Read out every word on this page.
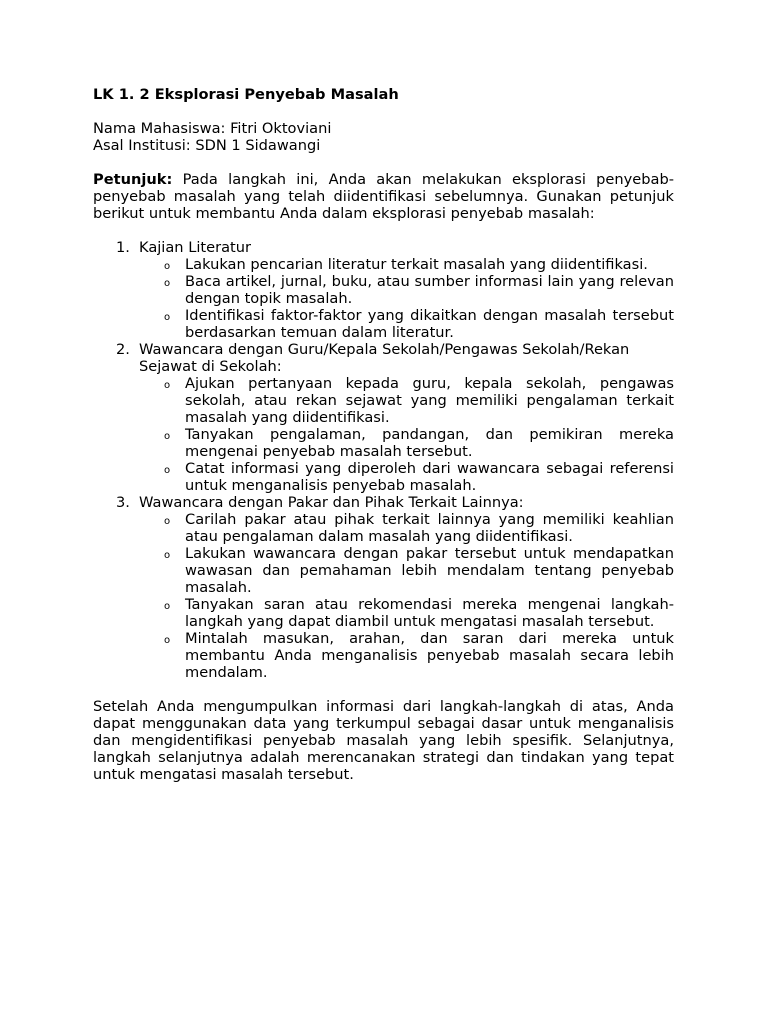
LK 1. 2 Eksplorasi Penyebab Masalah

Nama Mahasiswa: Fitri Oktoviani

Asal Institusi: SDN 1 Sidawangi

Petunjuk: Pada langkah ini, Anda akan melakukan eksplorasi penyebab-penyebab masalah yang telah diidentifikasi sebelumnya. Gunakan petunjuk berikut untuk membantu Anda dalam eksplorasi penyebab masalah:

1. Kajian Literatur
o Lakukan pencarian literatur terkait masalah yang diidentifikasi.
o Baca artikel, jurnal, buku, atau sumber informasi lain yang relevan dengan topik masalah.
o Identifikasi faktor-faktor yang dikaitkan dengan masalah tersebut berdasarkan temuan dalam literatur.
2. Wawancara dengan Guru/Kepala Sekolah/Pengawas Sekolah/Rekan Sejawat di Sekolah:
o Ajukan pertanyaan kepada guru, kepala sekolah, pengawas sekolah, atau rekan sejawat yang memiliki pengalaman terkait masalah yang diidentifikasi.
o Tanyakan pengalaman, pandangan, dan pemikiran mereka mengenai penyebab masalah tersebut.
o Catat informasi yang diperoleh dari wawancara sebagai referensi untuk menganalisis penyebab masalah.
3. Wawancara dengan Pakar dan Pihak Terkait Lainnya:
o Carilah pakar atau pihak terkait lainnya yang memiliki keahlian atau pengalaman dalam masalah yang diidentifikasi.
o Lakukan wawancara dengan pakar tersebut untuk mendapatkan wawasan dan pemahaman lebih mendalam tentang penyebab masalah.
o Tanyakan saran atau rekomendasi mereka mengenai langkah-langkah yang dapat diambil untuk mengatasi masalah tersebut.
o Mintalah masukan, arahan, dan saran dari mereka untuk membantu Anda menganalisis penyebab masalah secara lebih mendalam.

Setelah Anda mengumpulkan informasi dari langkah-langkah di atas, Anda dapat menggunakan data yang terkumpul sebagai dasar untuk menganalisis dan mengidentifikasi penyebab masalah yang lebih spesifik. Selanjutnya, langkah selanjutnya adalah merencanakan strategi dan tindakan yang tepat untuk mengatasi masalah tersebut.
